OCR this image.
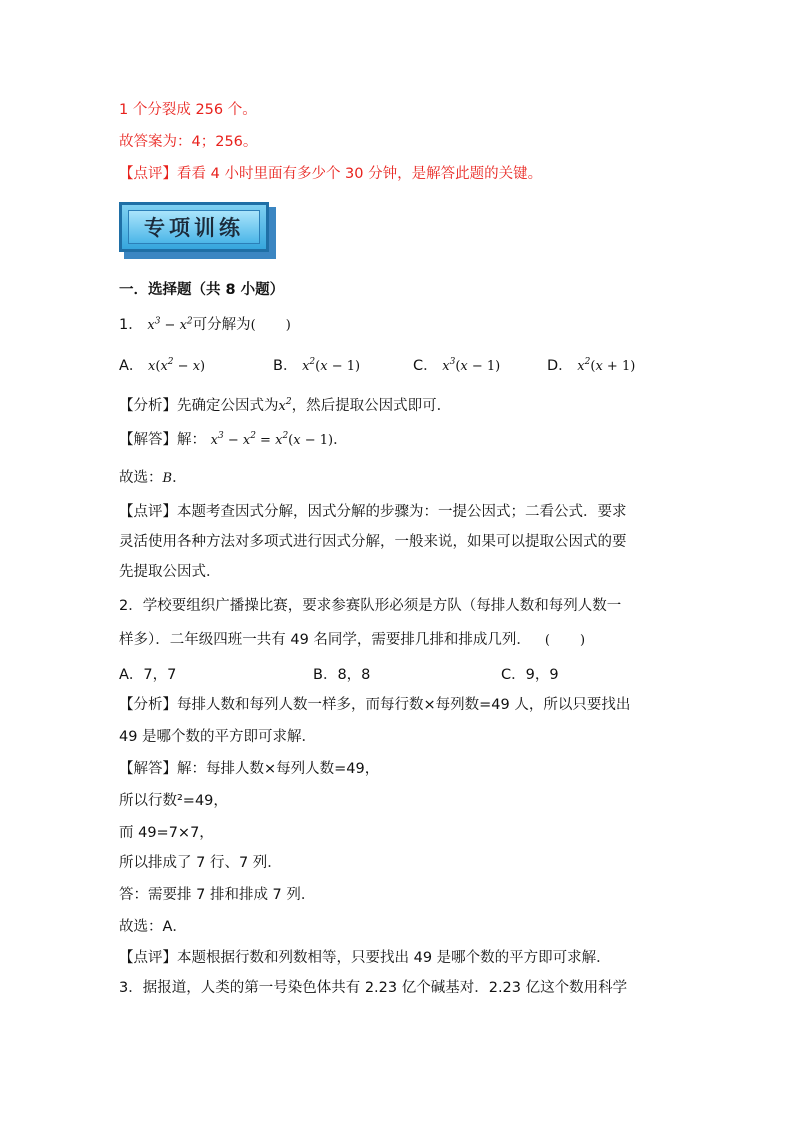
1 个分裂成 256 个。
故答案为：4；256。
【点评】看看 4 小时里面有多少个 30 分钟，是解答此题的关键。
专项训练
一．选择题（共 8 小题）
1． $x^3 - x^2$可分解为( )
A． $x(x^2 - x)$	B． $x^2(x - 1)$	C． $x^3(x - 1)$	D． $x^2(x + 1)$
【分析】先确定公因式为$x^2$，然后提取公因式即可．
【解答】解： $x^3 - x^2 = x^2(x - 1)$．
故选：B．
【点评】本题考查因式分解，因式分解的步骤为：一提公因式；二看公式．要求
灵活使用各种方法对多项式进行因式分解，一般来说，如果可以提取公因式的要
先提取公因式．
2．学校要组织广播操比赛，要求参赛队形必须是方队（每排人数和每列人数一
样多）．二年级四班一共有 49 名同学，需要排几排和排成几列． ( )
A．7，7	B．8，8	C．9，9
【分析】每排人数和每列人数一样多，而每行数×每列数=49 人，所以只要找出
49 是哪个数的平方即可求解．
【解答】解：每排人数×每列人数=49，
所以行数²=49，
而 49=7×7，
所以排成了 7 行、7 列．
答：需要排 7 排和排成 7 列．
故选：A．
【点评】本题根据行数和列数相等，只要找出 49 是哪个数的平方即可求解．
3．据报道，人类的第一号染色体共有 2.23 亿个碱基对．2.23 亿这个数用科学
